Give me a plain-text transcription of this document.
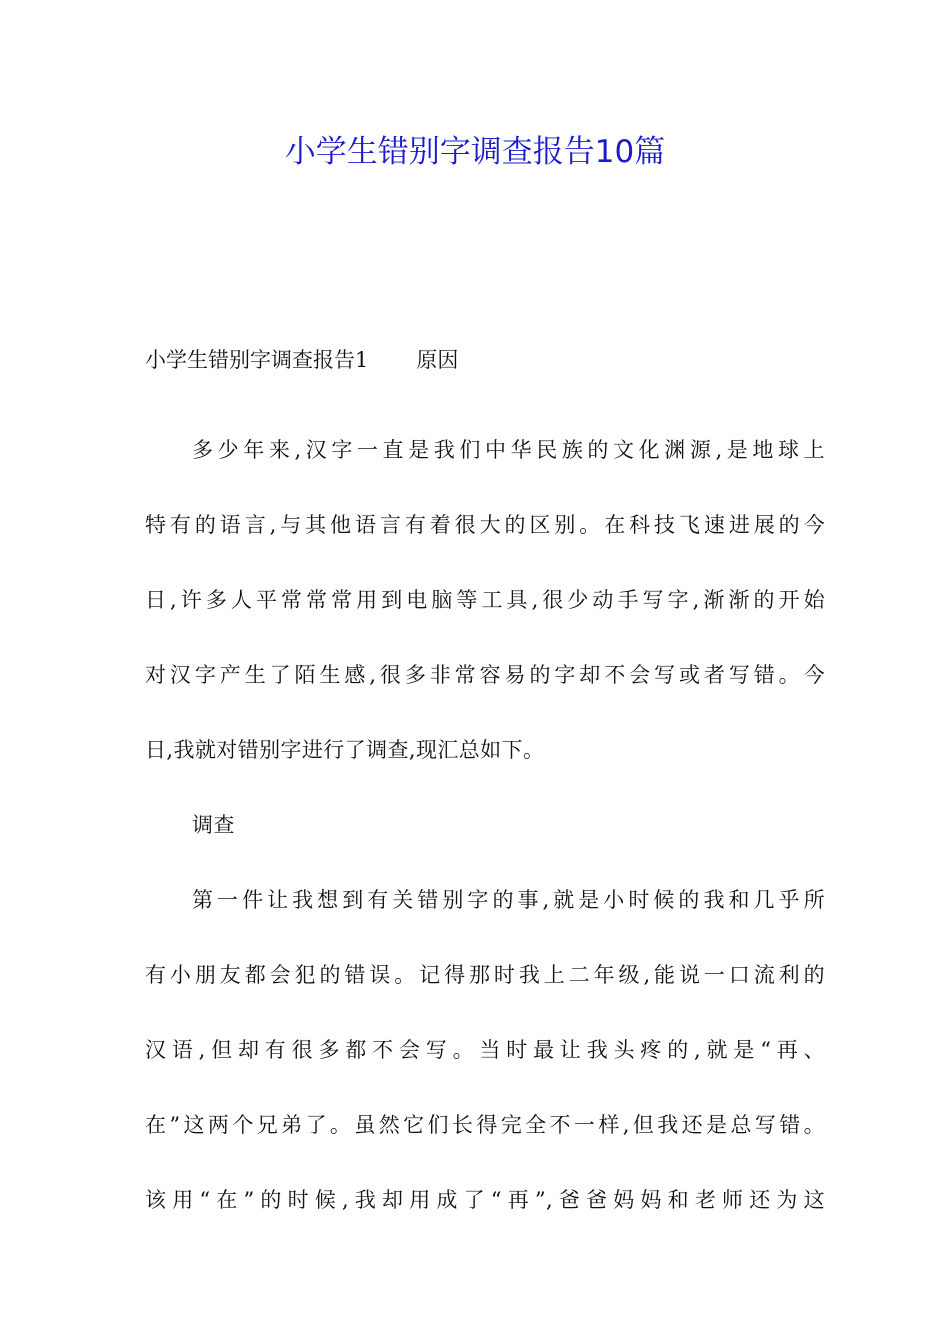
小学生错别字调查报告10篇
小学生错别字调查报告1 原因
多少年来,汉字一直是我们中华民族的文化渊源,是地球上
特有的语言,与其他语言有着很大的区别。在科技飞速进展的今
日,许多人平常常常用到电脑等工具,很少动手写字,渐渐的开始
对汉字产生了陌生感,很多非常容易的字却不会写或者写错。今
日,我就对错别字进行了调查,现汇总如下。
调查
第一件让我想到有关错别字的事,就是小时候的我和几乎所
有小朋友都会犯的错误。记得那时我上二年级,能说一口流利的
汉语,但却有很多都不会写。当时最让我头疼的,就是“再、
在”这两个兄弟了。虽然它们长得完全不一样,但我还是总写错。
该用“在”的时候,我却用成了“再”,爸爸妈妈和老师还为这
